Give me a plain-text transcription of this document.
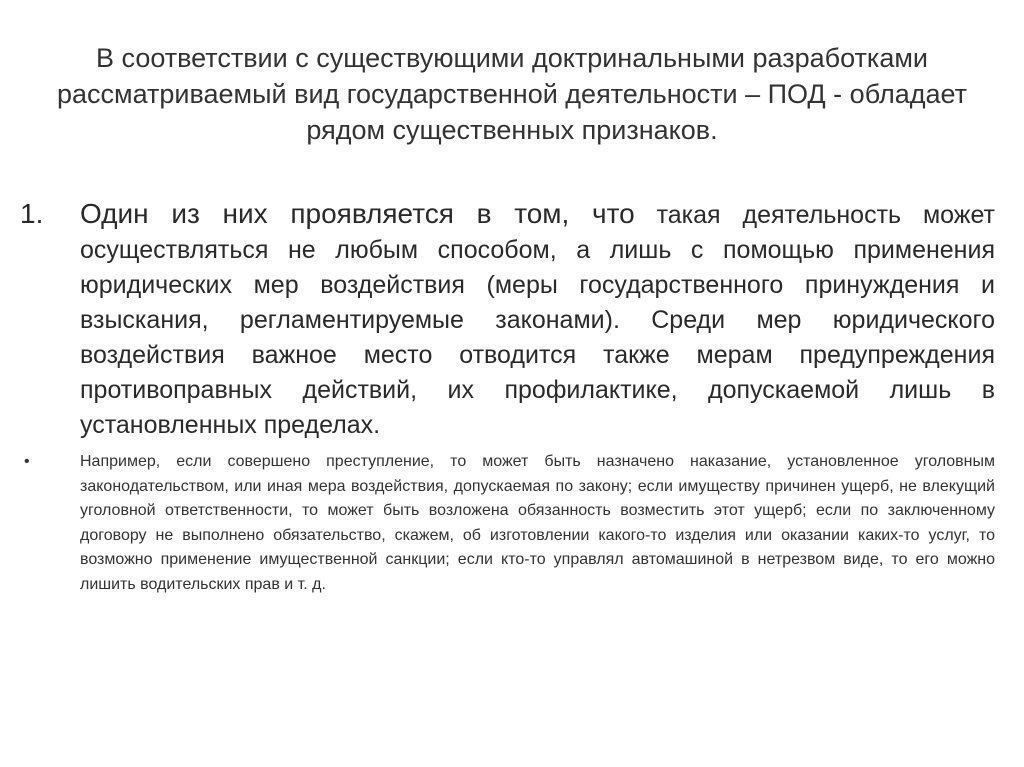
В соответствии с существующими доктринальными разработками рассматриваемый вид государственной деятельности – ПОД - обладает рядом существенных признаков.
1. Один из них проявляется в том, что такая деятельность может осуществляться не любым способом, а лишь с помощью применения юридических мер воздействия (меры государственного принуждения и взыскания, регламентируемые законами). Среди мер юридического воздействия важное место отводится также мерам предупреждения противоправных действий, их профилактике, допускаемой лишь в установленных пределах.
•	Например, если совершено преступление, то может быть назначено наказание, установленное уголовным законодательством, или иная мера воздействия, допускаемая по закону; если имуществу причинен ущерб, не влекущий уголовной ответственности, то может быть возложена обязанность возместить этот ущерб; если по заключенному договору не выполнено обязательство, скажем, об изготовлении какого-то изделия или оказании каких-то услуг, то возможно применение имущественной санкции; если кто-то управлял автомашиной в нетрезвом виде, то его можно лишить водительских прав и т. д.
